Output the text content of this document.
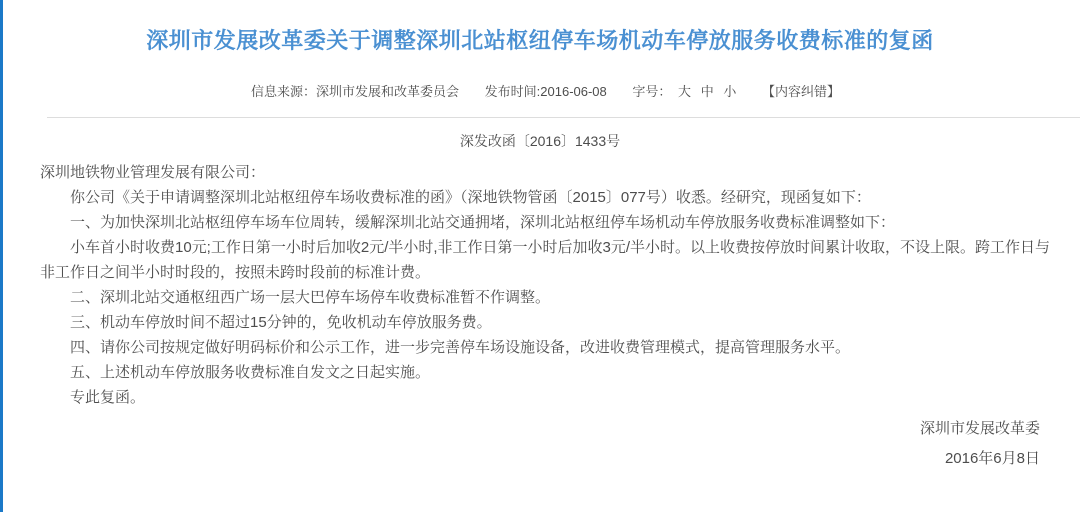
深圳市发展改革委关于调整深圳北站枢纽停车场机动车停放服务收费标准的复函
信息来源：深圳市发展和改革委员会 发布时间:2016-06-08 字号： 大 中 小 【内容纠错】
深发改函〔2016〕1433号

深圳地铁物业管理发展有限公司：

你公司《关于申请调整深圳北站枢纽停车场收费标准的函》（深地铁物管函〔2015〕077号）收悉。经研究，现函复如下：

一、为加快深圳北站枢纽停车场车位周转，缓解深圳北站交通拥堵，深圳北站枢纽停车场机动车停放服务收费标准调整如下：

小车首小时收费10元;工作日第一小时后加收2元/半小时,非工作日第一小时后加收3元/半小时。以上收费按停放时间累计收取，不设上限。跨工作日与非工作日之间半小时时段的，按照未跨时段前的标准计费。

二、深圳北站交通枢纽西广场一层大巴停车场停车收费标准暂不作调整。

三、机动车停放时间不超过15分钟的，免收机动车停放服务费。

四、请你公司按规定做好明码标价和公示工作，进一步完善停车场设施设备，改进收费管理模式，提高管理服务水平。

五、上述机动车停放服务收费标准自发文之日起实施。

专此复函。

深圳市发展改革委
2016年6月8日
